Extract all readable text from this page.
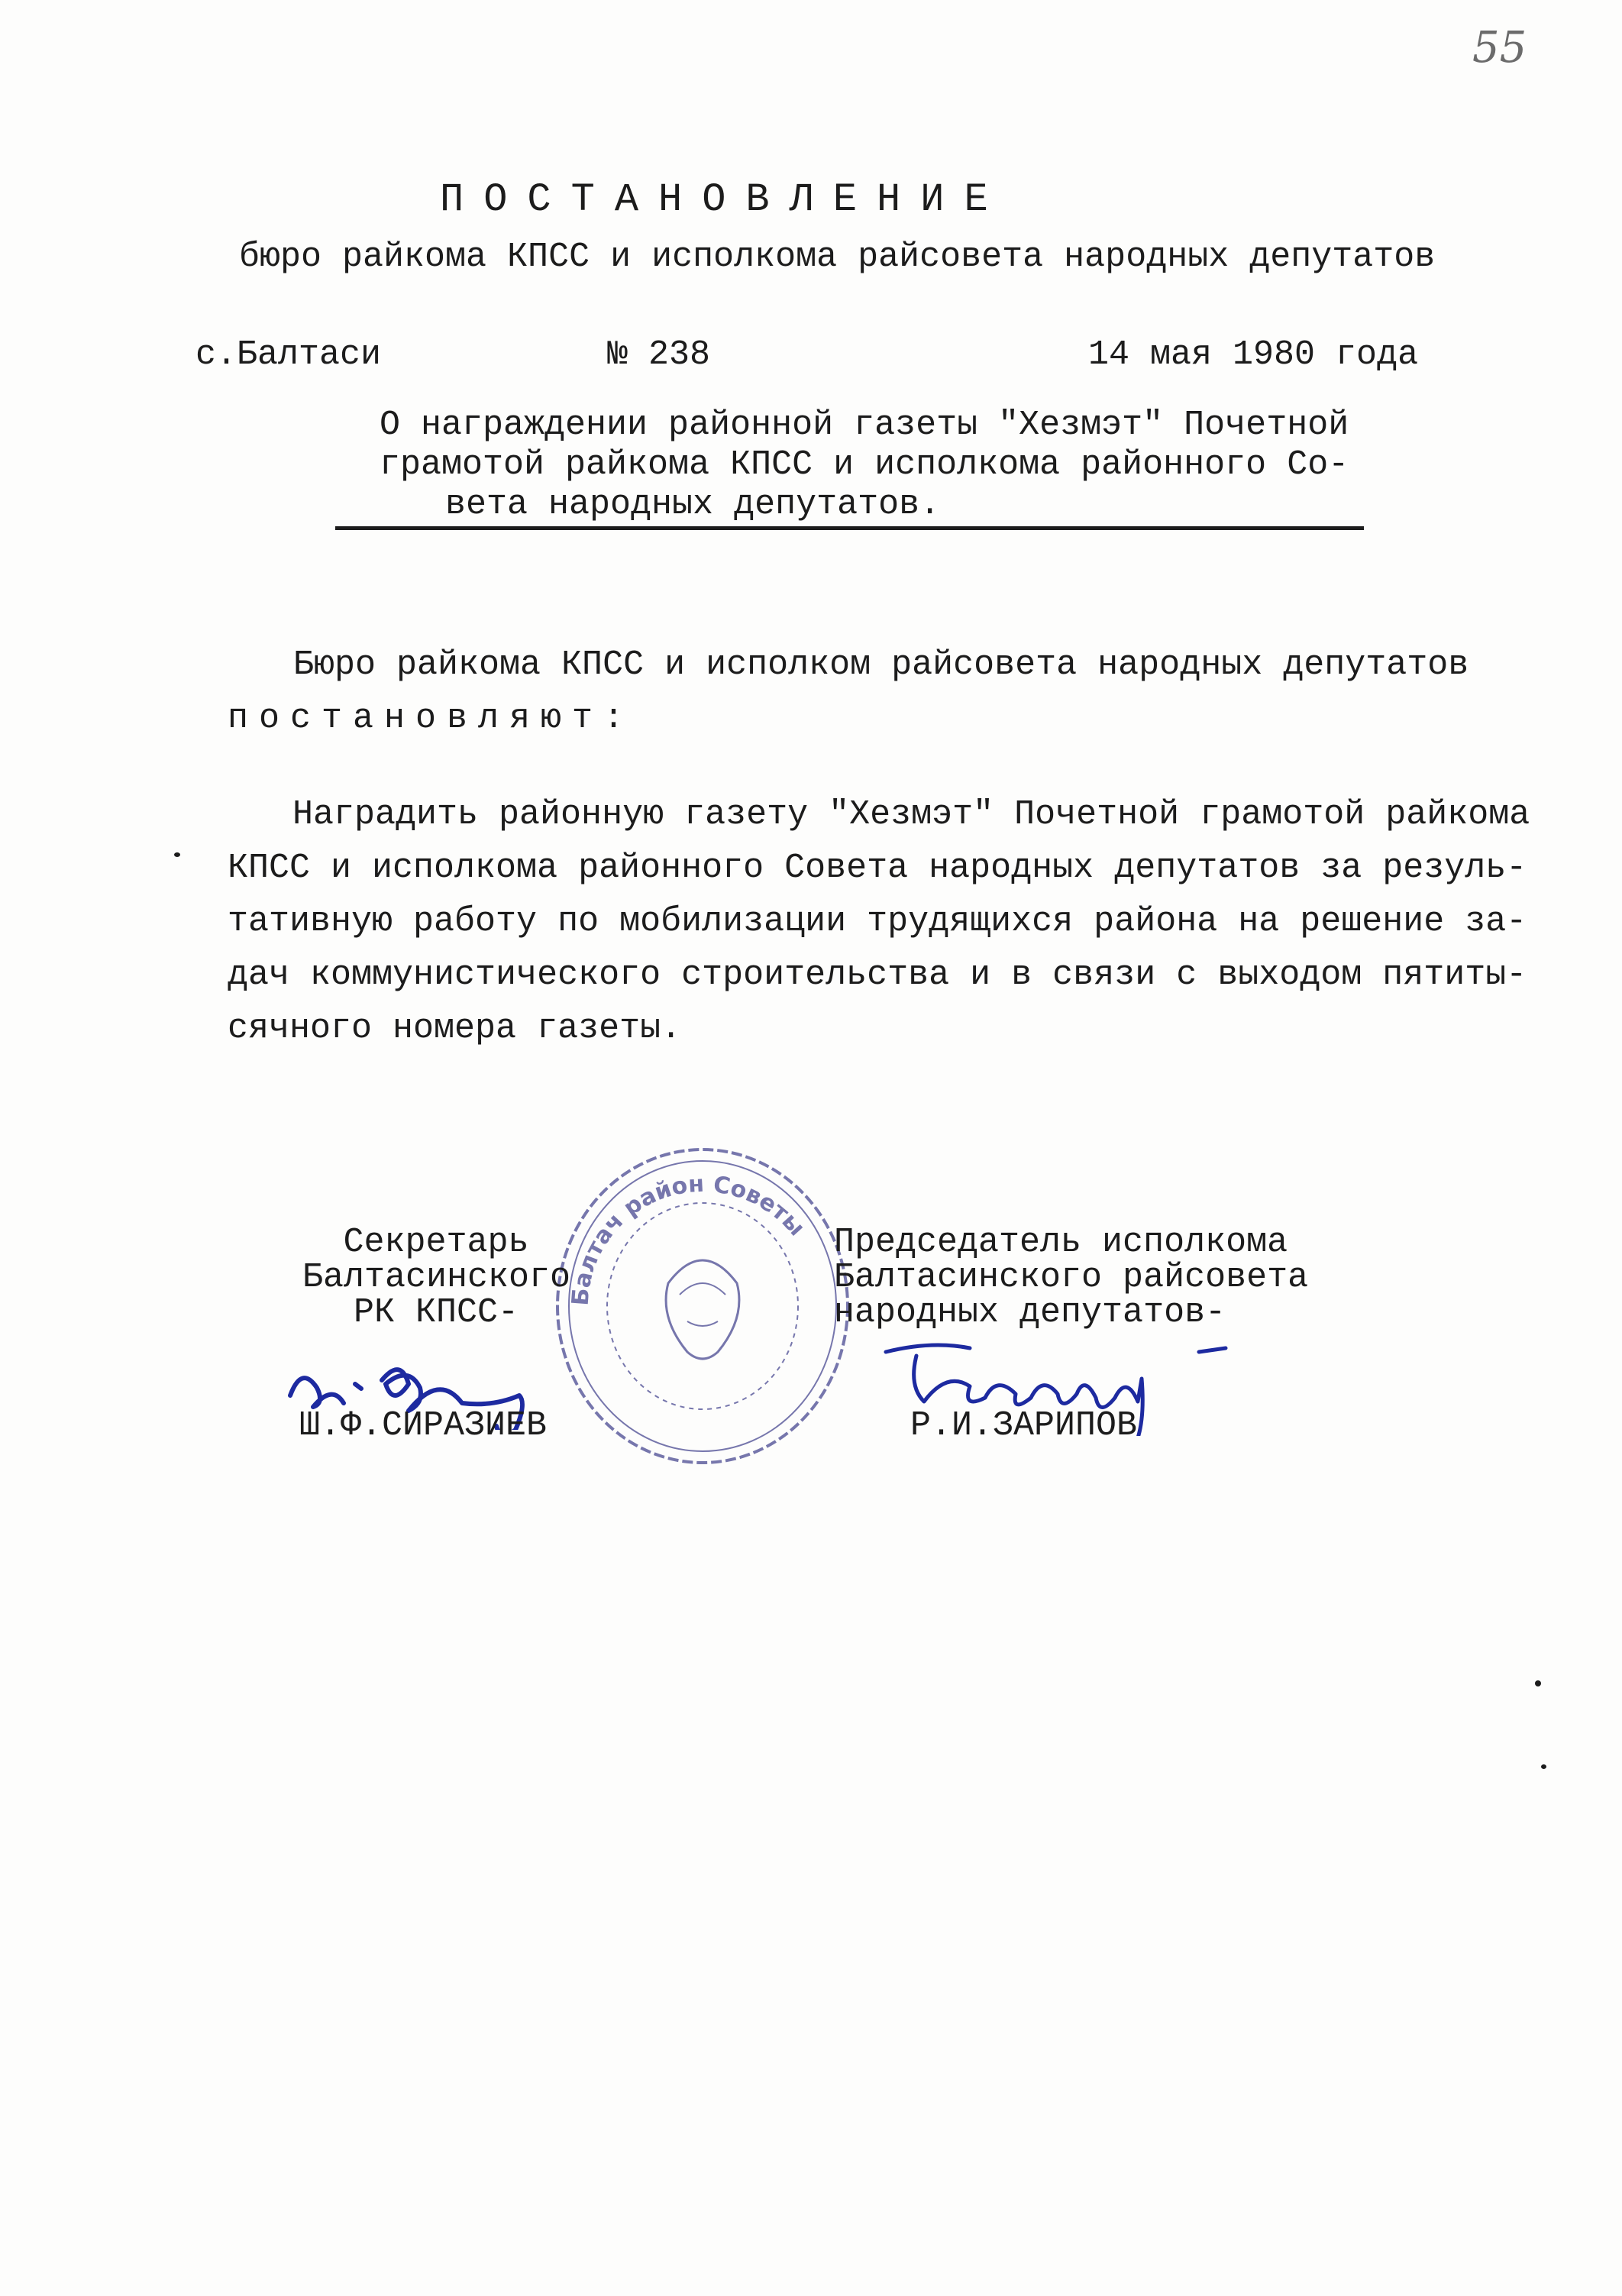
55
ПОСТАНОВЛЕНИЕ
бюро райкома КПСС и исполкома райсовета народных депутатов
с.Балтаси	№ 238	14 мая 1980 года
О награждении районной газеты "Хезмэт" Почетной
грамотой райкома КПСС и исполкома районного Со-
вета народных депутатов.
Бюро райкома КПСС и исполком райсовета народных депутатов
постановляют:
Наградить районную газету "Хезмэт" Почетной грамотой райкома
КПСС и исполкома районного Совета народных депутатов за резуль-
тативную работу по мобилизации трудящихся района на решение за-
дач коммунистического строительства и в связи с выходом пятиты-
сячного номера газеты.
Балтач район Советы
Секретарь
Балтасинского
РК КПСС-
Ш.Ф.СИРАЗИЕВ
Председатель исполкома
Балтасинского райсовета
народных депутатов-
Р.И.ЗАРИПОВ
